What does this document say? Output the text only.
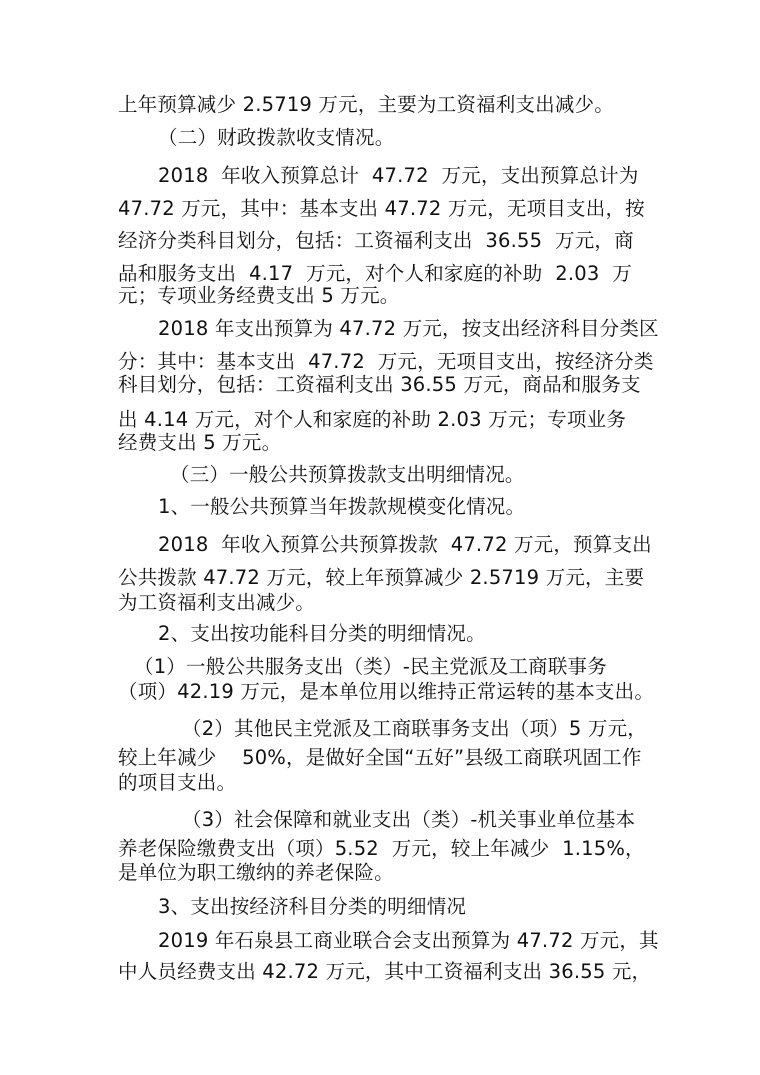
上年预算减少 2.5719 万元，主要为工资福利支出减少。
（二）财政拨款收支情况。
2018  年收入预算总计  47.72  万元，支出预算总计为
47.72 万元，其中：基本支出 47.72 万元，无项目支出，按
经济分类科目划分，包括：工资福利支出  36.55  万元，商
品和服务支出  4.17  万元，对个人和家庭的补助  2.03  万
元；专项业务经费支出 5 万元。
2018 年支出预算为 47.72 万元，按支出经济科目分类区
分：其中：基本支出  47.72  万元，无项目支出，按经济分类
科目划分，包括：工资福利支出 36.55 万元，商品和服务支
出 4.14 万元，对个人和家庭的补助 2.03 万元；专项业务
经费支出 5 万元。
（三）一般公共预算拨款支出明细情况。
1、一般公共预算当年拨款规模变化情况。
2018  年收入预算公共预算拨款  47.72 万元，预算支出
公共拨款 47.72 万元，较上年预算减少 2.5719 万元，主要
为工资福利支出减少。
2、支出按功能科目分类的明细情况。
（1）一般公共服务支出（类）-民主党派及工商联事务
（项）42.19 万元，是本单位用以维持正常运转的基本支出。
（2）其他民主党派及工商联事务支出（项）5 万元，
较上年减少    50%，是做好全国“五好”县级工商联巩固工作
的项目支出。
（3）社会保障和就业支出（类）-机关事业单位基本
养老保险缴费支出（项）5.52  万元，较上年减少  1.15%，
是单位为职工缴纳的养老保险。
3、支出按经济科目分类的明细情况
2019 年石泉县工商业联合会支出预算为 47.72 万元，其
中人员经费支出 42.72 万元，其中工资福利支出 36.55 元，
